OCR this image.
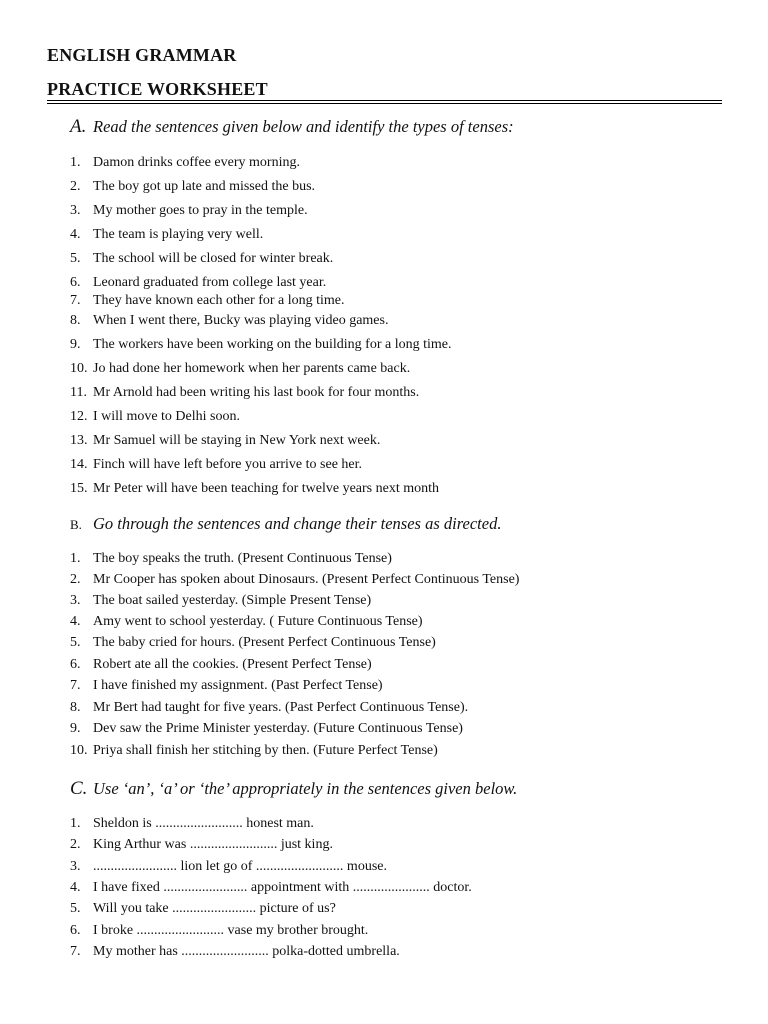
ENGLISH GRAMMAR
PRACTICE WORKSHEET
A. Read the sentences given below and identify the types of tenses:
1. Damon drinks coffee every morning.
2. The boy got up late and missed the bus.
3. My mother goes to pray in the temple.
4. The team is playing very well.
5. The school will be closed for winter break.
6. Leonard graduated from college last year.
7. They have known each other for a long time.
8. When I went there, Bucky was playing video games.
9. The workers have been working on the building for a long time.
10. Jo had done her homework when her parents came back.
11. Mr Arnold had been writing his last book for four months.
12. I will move to Delhi soon.
13. Mr Samuel will be staying in New York next week.
14. Finch will have left before you arrive to see her.
15. Mr Peter will have been teaching for twelve years next month
B. Go through the sentences and change their tenses as directed.
1. The boy speaks the truth. (Present Continuous Tense)
2. Mr Cooper has spoken about Dinosaurs. (Present Perfect Continuous Tense)
3. The boat sailed yesterday. (Simple Present Tense)
4. Amy went to school yesterday. ( Future Continuous Tense)
5. The baby cried for hours. (Present Perfect Continuous Tense)
6. Robert ate all the cookies. (Present Perfect Tense)
7. I have finished my assignment. (Past Perfect Tense)
8. Mr Bert had taught for five years. (Past Perfect Continuous Tense).
9. Dev saw the Prime Minister yesterday. (Future Continuous Tense)
10. Priya shall finish her stitching by then. (Future Perfect Tense)
C. Use ‘an’, ‘a’ or ‘the’ appropriately in the sentences given below.
1. Sheldon is ......................... honest man.
2. King Arthur was ......................... just king.
3. ........................ lion let go of ......................... mouse.
4. I have fixed ........................ appointment with ...................... doctor.
5. Will you take ........................ picture of us?
6. I broke ......................... vase my brother brought.
7. My mother has ......................... polka-dotted umbrella.
